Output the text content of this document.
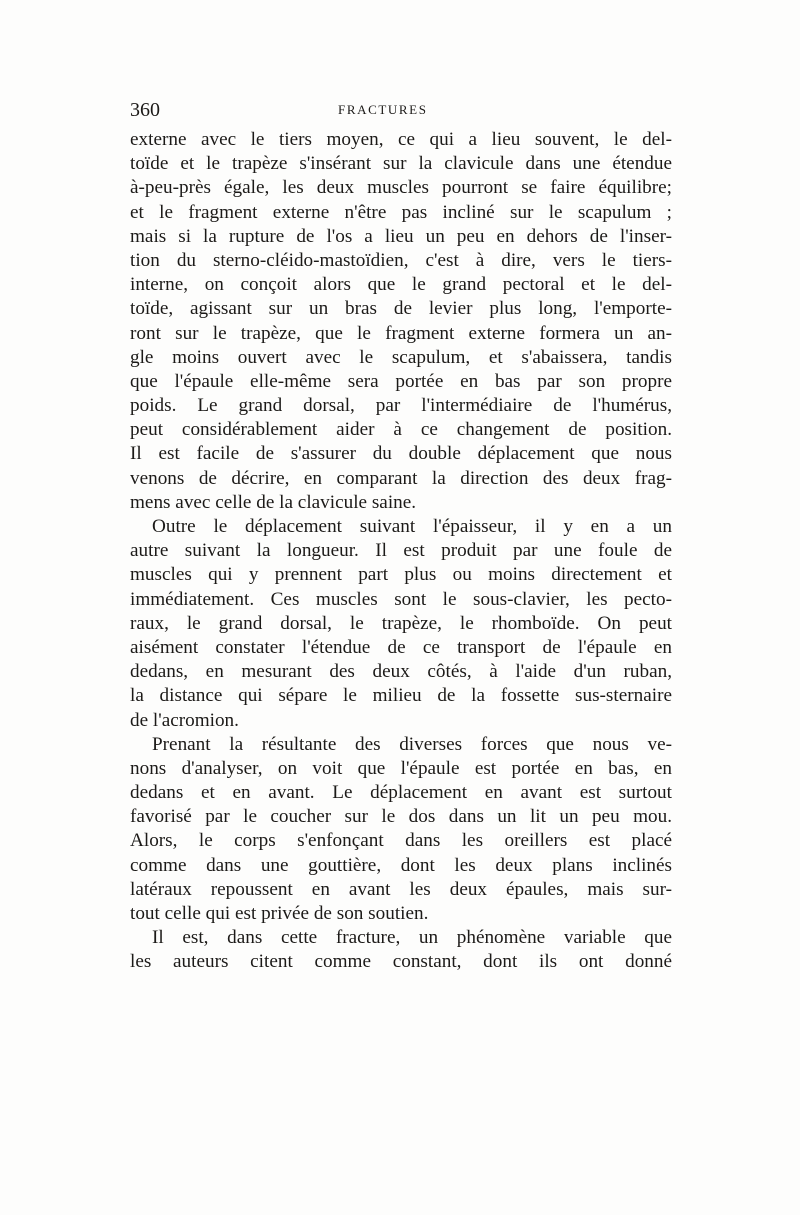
360	FRACTURES
externe avec le tiers moyen, ce qui a lieu souvent, le del-
toïde et le trapèze s'insérant sur la clavicule dans une étendue
à-peu-près égale, les deux muscles pourront se faire équilibre;
et le fragment externe n'être pas incliné sur le scapulum ;
mais si la rupture de l'os a lieu un peu en dehors de l'inser-
tion du sterno-cléido-mastoïdien, c'est à dire, vers le tiers-
interne, on conçoit alors que le grand pectoral et le del-
toïde, agissant sur un bras de levier plus long, l'emporte-
ront sur le trapèze, que le fragment externe formera un an-
gle moins ouvert avec le scapulum, et s'abaissera, tandis
que l'épaule elle-même sera portée en bas par son propre
poids. Le grand dorsal, par l'intermédiaire de l'humérus,
peut considérablement aider à ce changement de position.
Il est facile de s'assurer du double déplacement que nous
venons de décrire, en comparant la direction des deux frag-
mens avec celle de la clavicule saine.
Outre le déplacement suivant l'épaisseur, il y en a un
autre suivant la longueur. Il est produit par une foule de
muscles qui y prennent part plus ou moins directement et
immédiatement. Ces muscles sont le sous-clavier, les pecto-
raux, le grand dorsal, le trapèze, le rhomboïde. On peut
aisément constater l'étendue de ce transport de l'épaule en
dedans, en mesurant des deux côtés, à l'aide d'un ruban,
la distance qui sépare le milieu de la fossette sus-sternaire
de l'acromion.
Prenant la résultante des diverses forces que nous ve-
nons d'analyser, on voit que l'épaule est portée en bas, en
dedans et en avant. Le déplacement en avant est surtout
favorisé par le coucher sur le dos dans un lit un peu mou.
Alors, le corps s'enfonçant dans les oreillers est placé
comme dans une gouttière, dont les deux plans inclinés
latéraux repoussent en avant les deux épaules, mais sur-
tout celle qui est privée de son soutien.
Il est, dans cette fracture, un phénomène variable que
les auteurs citent comme constant, dont ils ont donné
